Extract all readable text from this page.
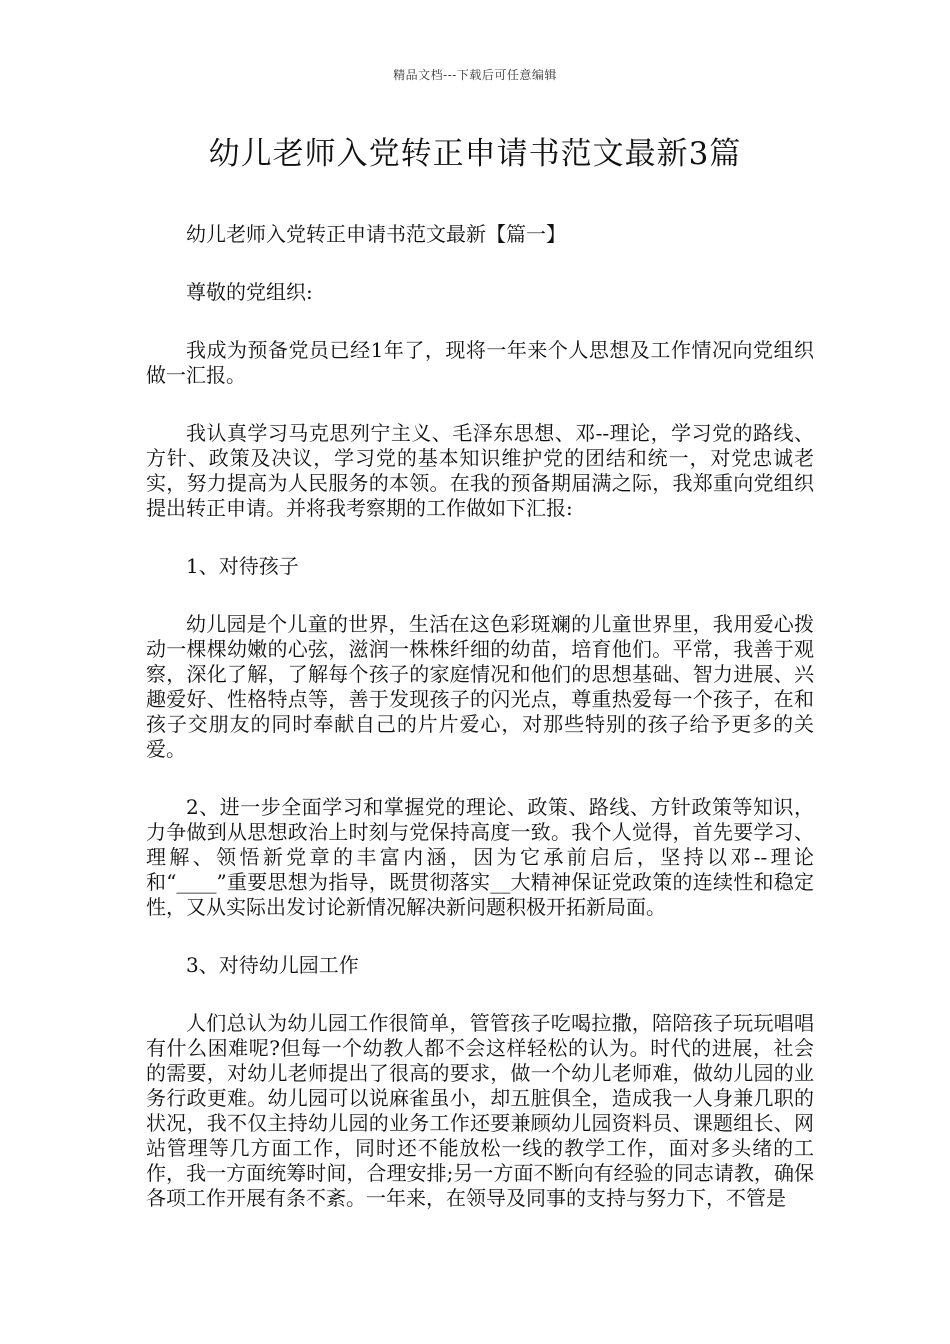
精品文档---下载后可任意编辑
幼儿老师入党转正申请书范文最新3篇

幼儿老师入党转正申请书范文最新【篇一】

尊敬的党组织:

我成为预备党员已经1年了，现将一年来个人思想及工作情况向党组织做一汇报。

我认真学习马克思列宁主义、毛泽东思想、邓--理论，学习党的路线、方针、政策及决议，学习党的基本知识维护党的团结和统一，对党忠诚老实，努力提高为人民服务的本领。在我的预备期届满之际，我郑重向党组织提出转正申请。并将我考察期的工作做如下汇报:

1、对待孩子

幼儿园是个儿童的世界，生活在这色彩斑斓的儿童世界里，我用爱心拨动一棵棵幼嫩的心弦，滋润一株株纤细的幼苗，培育他们。平常，我善于观察，深化了解，了解每个孩子的家庭情况和他们的思想基础、智力进展、兴趣爱好、性格特点等，善于发现孩子的闪光点，尊重热爱每一个孩子，在和孩子交朋友的同时奉献自己的片片爱心，对那些特别的孩子给予更多的关爱。

2、进一步全面学习和掌握党的理论、政策、路线、方针政策等知识，力争做到从思想政治上时刻与党保持高度一致。我个人觉得，首先要学习、理解、领悟新党章的丰富内涵，因为它承前启后，坚持以邓--理论和“____”重要思想为指导，既贯彻落实__大精神保证党政策的连续性和稳定性，又从实际出发讨论新情况解决新问题积极开拓新局面。

3、对待幼儿园工作

人们总认为幼儿园工作很简单，管管孩子吃喝拉撒，陪陪孩子玩玩唱唱有什么困难呢?但每一个幼教人都不会这样轻松的认为。时代的进展，社会的需要，对幼儿老师提出了很高的要求，做一个幼儿老师难，做幼儿园的业务行政更难。幼儿园可以说麻雀虽小，却五脏俱全，造成我一人身兼几职的状况，我不仅主持幼儿园的业务工作还要兼顾幼儿园资料员、课题组长、网站管理等几方面工作，同时还不能放松一线的教学工作，面对多头绪的工作，我一方面统筹时间，合理安排;另一方面不断向有经验的同志请教，确保各项工作开展有条不紊。一年来，在领导及同事的支持与努力下，不管是
